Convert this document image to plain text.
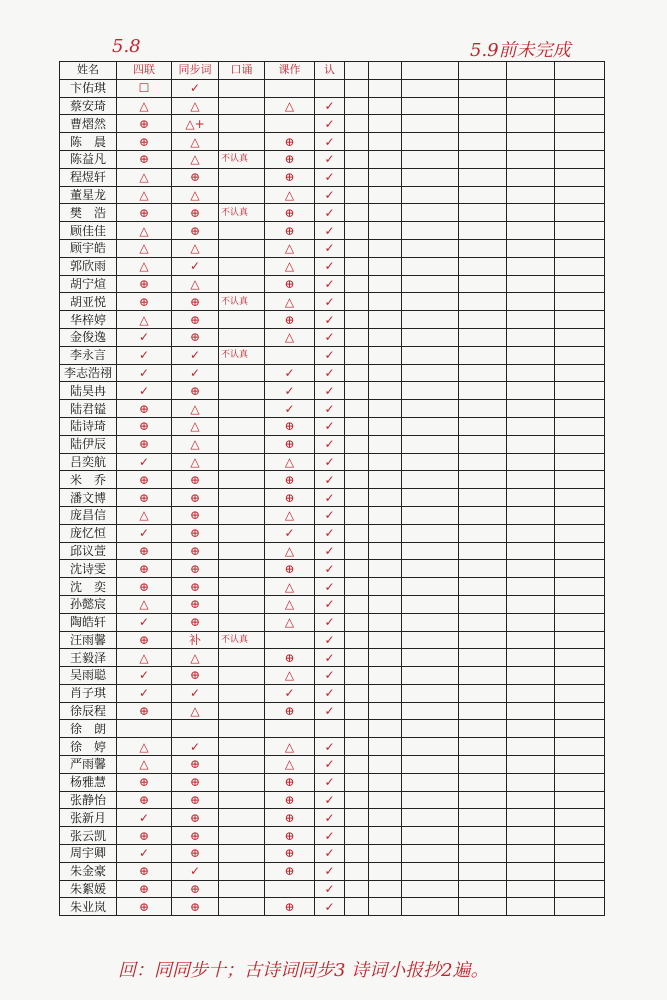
5.8	5.9前未完成
姓名	四联	同步词	口诵	课作	认						
卞佑琪	☐	✓									
蔡安琦	△	△		△	✓						
曹熠然	⊕	△+			✓						
陈　晨	⊕	△		⊕	✓						
陈益凡	⊕	△	不认真	⊕	✓						
程煜轩	△	⊕		⊕	✓						
董星龙	△	△		△	✓						
樊　浩	⊕	⊕	不认真	⊕	✓						
顾佳佳	△	⊕		⊕	✓						
顾宇皓	△	△		△	✓						
郭欣雨	△	✓		△	✓						
胡宁煊	⊕	△		⊕	✓						
胡亚悦	⊕	⊕	不认真	△	✓						
华梓婷	△	⊕		⊕	✓						
金俊逸	✓	⊕		△	✓						
李永言	✓	✓	不认真		✓						
李志浩祤	✓	✓		✓	✓						
陆昊冉	✓	⊕		✓	✓						
陆君镒	⊕	△		✓	✓						
陆诗琦	⊕	△		⊕	✓						
陆伊辰	⊕	△		⊕	✓						
吕奕航	✓	△		△	✓						
米　乔	⊕	⊕		⊕	✓						
潘文博	⊕	⊕		⊕	✓						
庞昌信	△	⊕		△	✓						
庞忆恒	✓	⊕		✓	✓						
邱议萱	⊕	⊕		△	✓						
沈诗雯	⊕	⊕		⊕	✓						
沈　奕	⊕	⊕		△	✓						
孙懿宸	△	⊕		△	✓						
陶皓轩	✓	⊕		△	✓						
汪雨馨	⊕	补	不认真		✓						
王毅泽	△	△		⊕	✓						
吴雨聪	✓	⊕		△	✓						
肖子琪	✓	✓		✓	✓						
徐辰程	⊕	△		⊕	✓						
徐　朗											
徐　婷	△	✓		△	✓						
严雨馨	△	⊕		△	✓						
杨雅慧	⊕	⊕		⊕	✓						
张静怡	⊕	⊕		⊕	✓						
张新月	✓	⊕		⊕	✓						
张云凯	⊕	⊕		⊕	✓						
周宇卿	✓	⊕		⊕	✓						
朱金豪	⊕	✓		⊕	✓						
朱絮媛	⊕	⊕			✓						
朱业岚	⊕	⊕		⊕	✓						
回：同同步十；古诗词同步3 诗词小报抄2遍。
